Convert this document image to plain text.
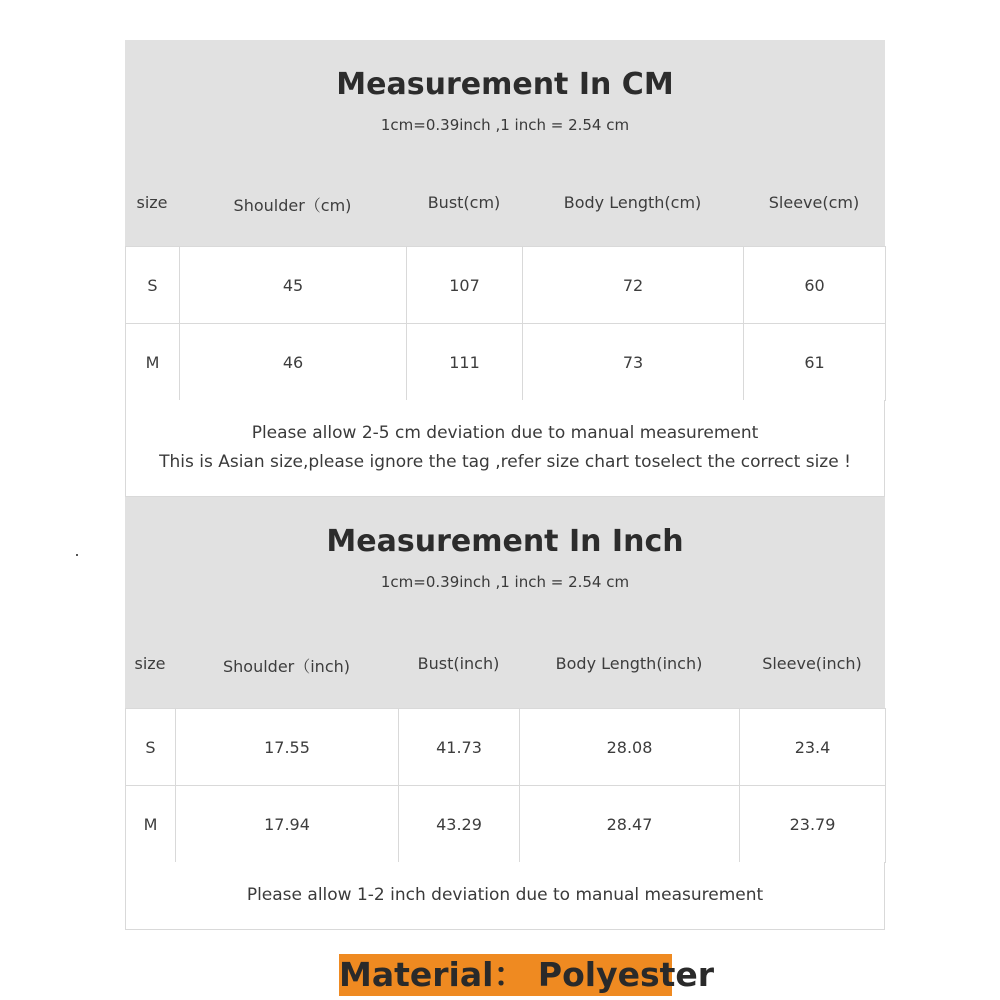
Measurement In CM
1cm=0.39inch ,1 inch = 2.54 cm
size	Shoulder（cm)	Bust(cm)	Body Length(cm)	Sleeve(cm)
S	45	107	72	60
M	46	111	73	61
Please allow 2-5 cm deviation due to manual measurement
This is Asian size,please ignore the tag ,refer size chart toselect the correct size !
Measurement In Inch
1cm=0.39inch ,1 inch = 2.54 cm
size	Shoulder（inch)	Bust(inch)	Body Length(inch)	Sleeve(inch)
S	17.55	41.73	28.08	23.4
M	17.94	43.29	28.47	23.79
Please allow 1-2 inch deviation due to manual measurement
Material： Polyester
